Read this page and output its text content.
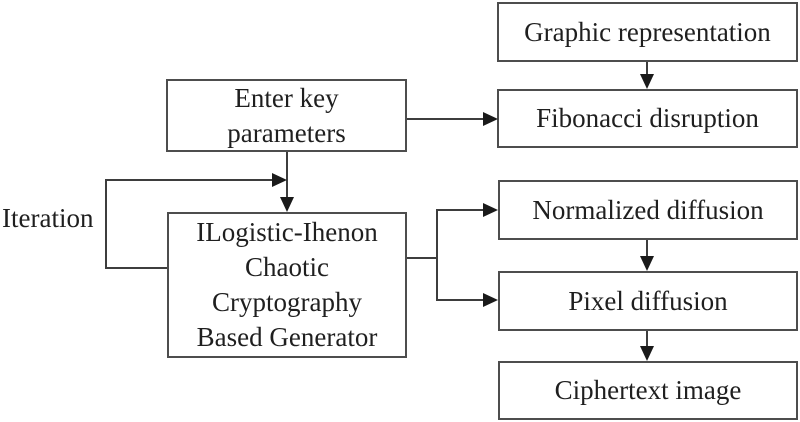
Graphic representation
Enter key
parameters	Fibonacci disruption
ILogistic-Ihenon
Chaotic
Cryptography
Based Generator
Normalized diffusion
Pixel diffusion
Ciphertext image
Iteration
